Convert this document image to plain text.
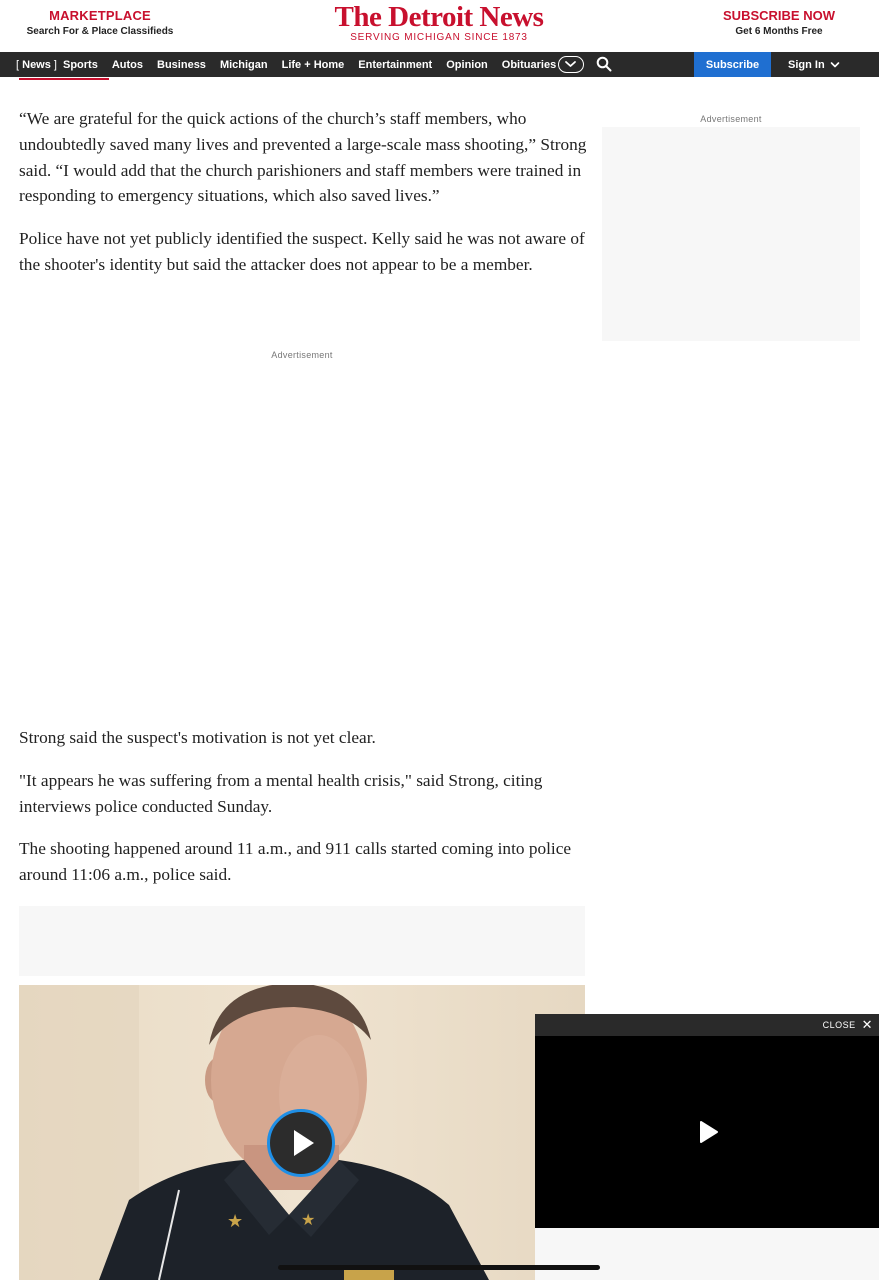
MARKETPLACE
Search For & Place Classifieds	The Detroit News
SERVING MICHIGAN SINCE 1873
SUBSCRIBE NOW
Get 6 Months Free
[ News ] Sports Autos Business Michigan Life + Home Entertainment Opinion Obituaries	Subscribe	Sign In

“We are grateful for the quick actions of the church’s staff members, who undoubtedly saved many lives and prevented a large-scale mass shooting,” Strong said. “I would add that the church parishioners and staff members were trained in responding to emergency situations, which also saved lives.”

Police have not yet publicly identified the suspect. Kelly said he was not aware of the shooter's identity but said the attacker does not appear to be a member.

Advertisement

Strong said the suspect's motivation is not yet clear.

"It appears he was suffering from a mental health crisis," said Strong, citing interviews police conducted Sunday.

The shooting happened around 11 a.m., and 911 calls started coming into police around 11:06 a.m., police said.

★	★
Advertisement
CLOSE ✕
